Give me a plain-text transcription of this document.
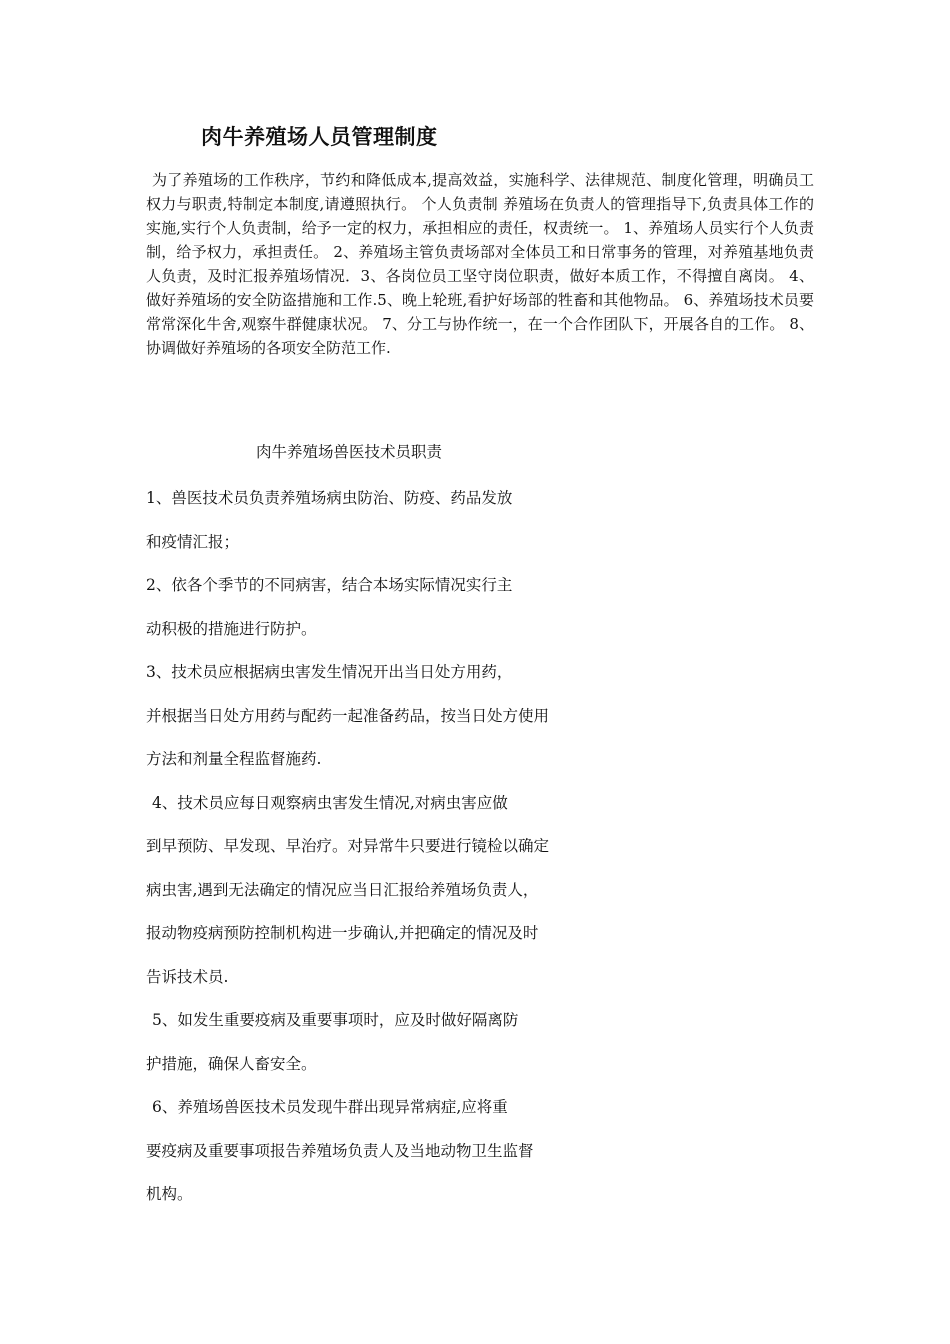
肉牛养殖场人员管理制度
为了养殖场的工作秩序，节约和降低成本,提高效益，实施科学、法律规范、制度化管理，明确员工权力与职责,特制定本制度,请遵照执行。 个人负责制 养殖场在负责人的管理指导下,负责具体工作的实施,实行个人负责制，给予一定的权力，承担相应的责任，权责统一。 1、养殖场人员实行个人负责制，给予权力，承担责任。 2、养殖场主管负责场部对全体员工和日常事务的管理，对养殖基地负责人负责，及时汇报养殖场情况．3、各岗位员工坚守岗位职责，做好本质工作，不得擅自离岗。 4、做好养殖场的安全防盗措施和工作.5、晚上轮班,看护好场部的牲畜和其他物品。 6、养殖场技术员要常常深化牛舍,观察牛群健康状况。 7、分工与协作统一，在一个合作团队下，开展各自的工作。 8、协调做好养殖场的各项安全防范工作.
肉牛养殖场兽医技术员职责
1、兽医技术员负责养殖场病虫防治、防疫、药品发放
和疫情汇报；
2、依各个季节的不同病害，结合本场实际情况实行主
动积极的措施进行防护。
3、技术员应根据病虫害发生情况开出当日处方用药，
并根据当日处方用药与配药一起准备药品，按当日处方使用
方法和剂量全程监督施药.
4、技术员应每日观察病虫害发生情况,对病虫害应做
到早预防、早发现、早治疗。对异常牛只要进行镜检以确定
病虫害,遇到无法确定的情况应当日汇报给养殖场负责人，
报动物疫病预防控制机构进一步确认,并把确定的情况及时
告诉技术员.
5、如发生重要疫病及重要事项时，应及时做好隔离防
护措施，确保人畜安全。
6、养殖场兽医技术员发现牛群出现异常病症,应将重
要疫病及重要事项报告养殖场负责人及当地动物卫生监督
机构。
